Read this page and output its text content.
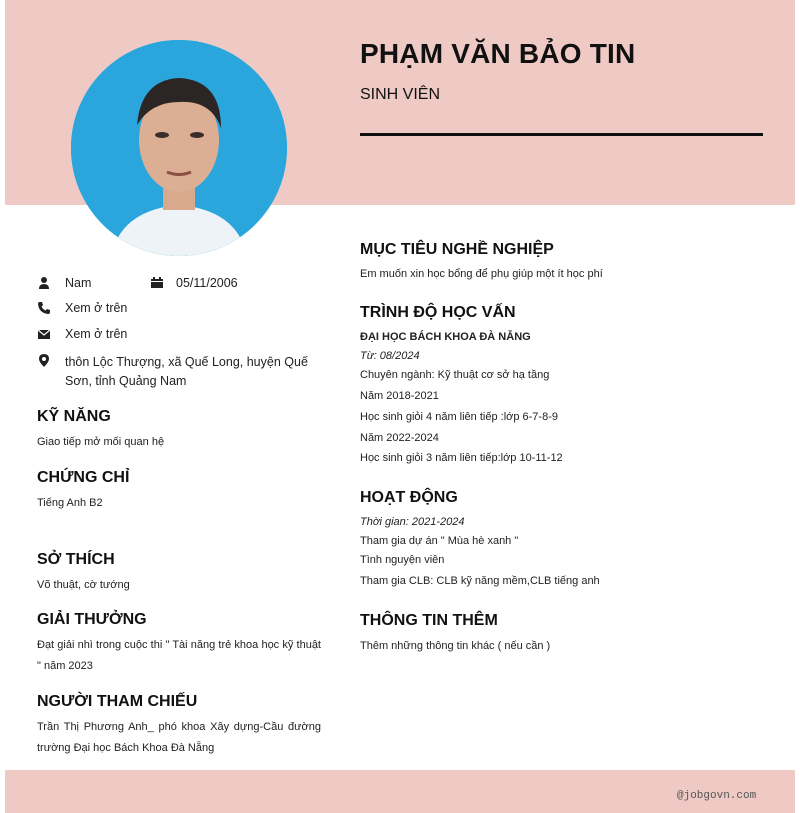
PHẠM VĂN BẢO TIN
SINH VIÊN
Nam	05/11/2006
Xem ở trên
Xem ở trên
thôn Lộc Thượng, xã Quế Long, huyện Quế Sơn, tỉnh Quảng Nam
KỸ NĂNG
Giao tiếp mở mối quan hệ
CHỨNG CHỈ
Tiếng Anh B2
SỞ THÍCH
Võ thuật, cờ tướng
GIẢI THƯỞNG
Đạt giải nhì trong cuộc thi " Tài năng trẻ khoa học kỹ thuật " năm 2023
NGƯỜI THAM CHIẾU
Trần Thị Phương Anh_ phó khoa Xây dựng-Cầu đường trường Đại học Bách Khoa Đà Nẵng
MỤC TIÊU NGHỀ NGHIỆP
Em muốn xin học bổng để phụ giúp một ít học phí
TRÌNH ĐỘ HỌC VẤN
ĐẠI HỌC BÁCH KHOA ĐÀ NẴNG
Từ: 08/2024
Chuyên ngành: Kỹ thuật cơ sở hạ tầng
Năm 2018-2021
Học sinh giỏi 4 năm liên tiếp :lớp 6-7-8-9
Năm 2022-2024
Học sinh giỏi 3 năm liên tiếp:lớp 10-11-12
HOẠT ĐỘNG
Thời gian: 2021-2024
Tham gia dự án " Mùa hè xanh "
Tình nguyện viên
Tham gia CLB: CLB kỹ năng mềm,CLB tiếng anh
THÔNG TIN THÊM
Thêm những thông tin khác ( nếu cần )
@jobgovn.com
